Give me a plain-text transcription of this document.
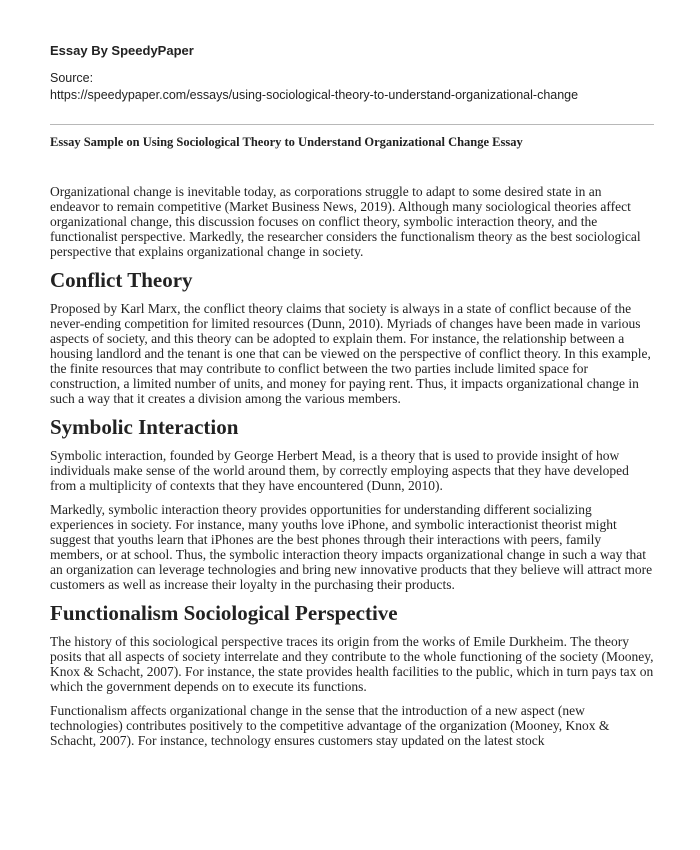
Essay By SpeedyPaper
Source:
https://speedypaper.com/essays/using-sociological-theory-to-understand-organizational-change
Essay Sample on Using Sociological Theory to Understand Organizational Change Essay

Organizational change is inevitable today, as corporations struggle to adapt to some desired state in an endeavor to remain competitive (Market Business News, 2019). Although many sociological theories affect organizational change, this discussion focuses on conflict theory, symbolic interaction theory, and the functionalist perspective. Markedly, the researcher considers the functionalism theory as the best sociological perspective that explains organizational change in society.

Conflict Theory

Proposed by Karl Marx, the conflict theory claims that society is always in a state of conflict because of the never-ending competition for limited resources (Dunn, 2010). Myriads of changes have been made in various aspects of society, and this theory can be adopted to explain them. For instance, the relationship between a housing landlord and the tenant is one that can be viewed on the perspective of conflict theory. In this example, the finite resources that may contribute to conflict between the two parties include limited space for construction, a limited number of units, and money for paying rent. Thus, it impacts organizational change in such a way that it creates a division among the various members.

Symbolic Interaction

Symbolic interaction, founded by George Herbert Mead, is a theory that is used to provide insight of how individuals make sense of the world around them, by correctly employing aspects that they have developed from a multiplicity of contexts that they have encountered (Dunn, 2010).

Markedly, symbolic interaction theory provides opportunities for understanding different socializing experiences in society. For instance, many youths love iPhone, and symbolic interactionist theorist might suggest that youths learn that iPhones are the best phones through their interactions with peers, family members, or at school. Thus, the symbolic interaction theory impacts organizational change in such a way that an organization can leverage technologies and bring new innovative products that they believe will attract more customers as well as increase their loyalty in the purchasing their products.

Functionalism Sociological Perspective

The history of this sociological perspective traces its origin from the works of Emile Durkheim. The theory posits that all aspects of society interrelate and they contribute to the whole functioning of the society (Mooney, Knox & Schacht, 2007). For instance, the state provides health facilities to the public, which in turn pays tax on which the government depends on to execute its functions.

Functionalism affects organizational change in the sense that the introduction of a new aspect (new technologies) contributes positively to the competitive advantage of the organization (Mooney, Knox & Schacht, 2007). For instance, technology ensures customers stay updated on the latest stock
